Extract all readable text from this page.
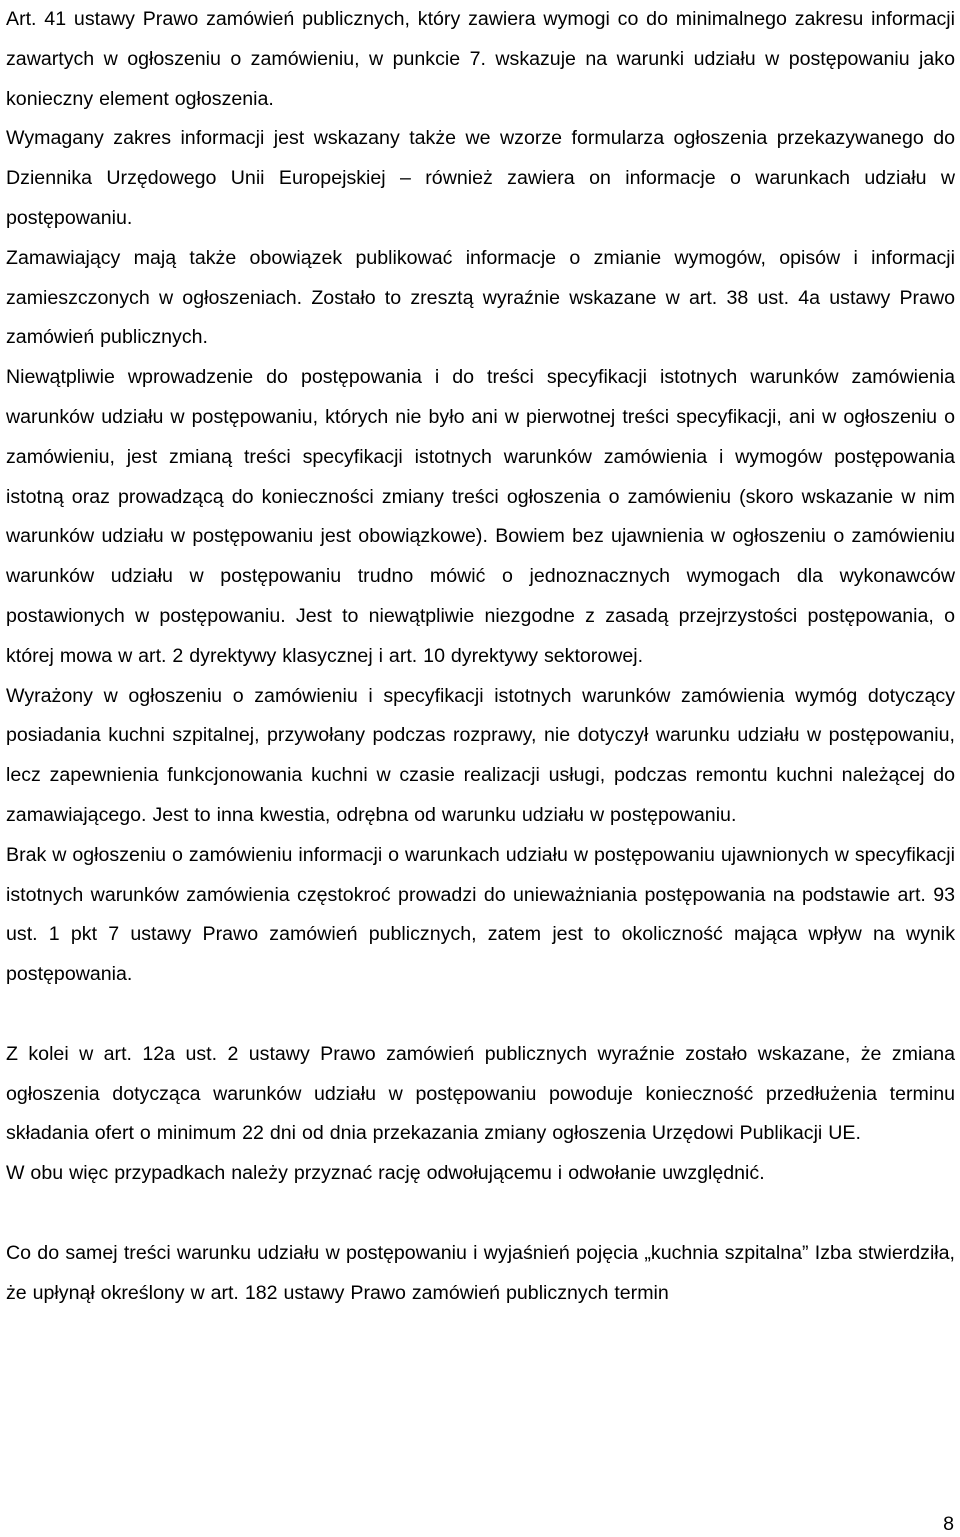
Art. 41 ustawy Prawo zamówień publicznych, który zawiera wymogi co do minimalnego zakresu informacji zawartych w ogłoszeniu o zamówieniu, w punkcie 7. wskazuje na warunki udziału w postępowaniu jako konieczny element ogłoszenia.

Wymagany zakres informacji jest wskazany także we wzorze formularza ogłoszenia przekazywanego do Dziennika Urzędowego Unii Europejskiej – również zawiera on informacje o warunkach udziału w postępowaniu.

Zamawiający mają także obowiązek publikować informacje o zmianie wymogów, opisów i informacji zamieszczonych w ogłoszeniach. Zostało to zresztą wyraźnie wskazane w art. 38 ust. 4a ustawy Prawo zamówień publicznych.

Niewątpliwie wprowadzenie do postępowania i do treści specyfikacji istotnych warunków zamówienia warunków udziału w postępowaniu, których nie było ani w pierwotnej treści specyfikacji, ani w ogłoszeniu o zamówieniu, jest zmianą treści specyfikacji istotnych warunków zamówienia i wymogów postępowania istotną oraz prowadzącą do konieczności zmiany treści ogłoszenia o zamówieniu (skoro wskazanie w nim warunków udziału w postępowaniu jest obowiązkowe). Bowiem bez ujawnienia w ogłoszeniu o zamówieniu warunków udziału w postępowaniu trudno mówić o jednoznacznych wymogach dla wykonawców postawionych w postępowaniu. Jest to niewątpliwie niezgodne z zasadą przejrzystości postępowania, o której mowa w art. 2 dyrektywy klasycznej i art. 10 dyrektywy sektorowej.

Wyrażony w ogłoszeniu o zamówieniu i specyfikacji istotnych warunków zamówienia wymóg dotyczący posiadania kuchni szpitalnej, przywołany podczas rozprawy, nie dotyczył warunku udziału w postępowaniu, lecz zapewnienia funkcjonowania kuchni w czasie realizacji usługi, podczas remontu kuchni należącej do zamawiającego. Jest to inna kwestia, odrębna od warunku udziału w postępowaniu.

Brak w ogłoszeniu o zamówieniu informacji o warunkach udziału w postępowaniu ujawnionych w specyfikacji istotnych warunków zamówienia częstokroć prowadzi do unieważniania postępowania na podstawie art. 93 ust. 1 pkt 7 ustawy Prawo zamówień publicznych, zatem jest to okoliczność mająca wpływ na wynik postępowania.

Z kolei w art. 12a ust. 2 ustawy Prawo zamówień publicznych wyraźnie zostało wskazane, że zmiana ogłoszenia dotycząca warunków udziału w postępowaniu powoduje konieczność przedłużenia terminu składania ofert o minimum 22 dni od dnia przekazania zmiany ogłoszenia Urzędowi Publikacji UE.

W obu więc przypadkach należy przyznać rację odwołującemu i odwołanie uwzględnić.

Co do samej treści warunku udziału w postępowaniu i wyjaśnień pojęcia „kuchnia szpitalna” Izba stwierdziła, że upłynął określony w art. 182 ustawy Prawo zamówień publicznych termin

8
